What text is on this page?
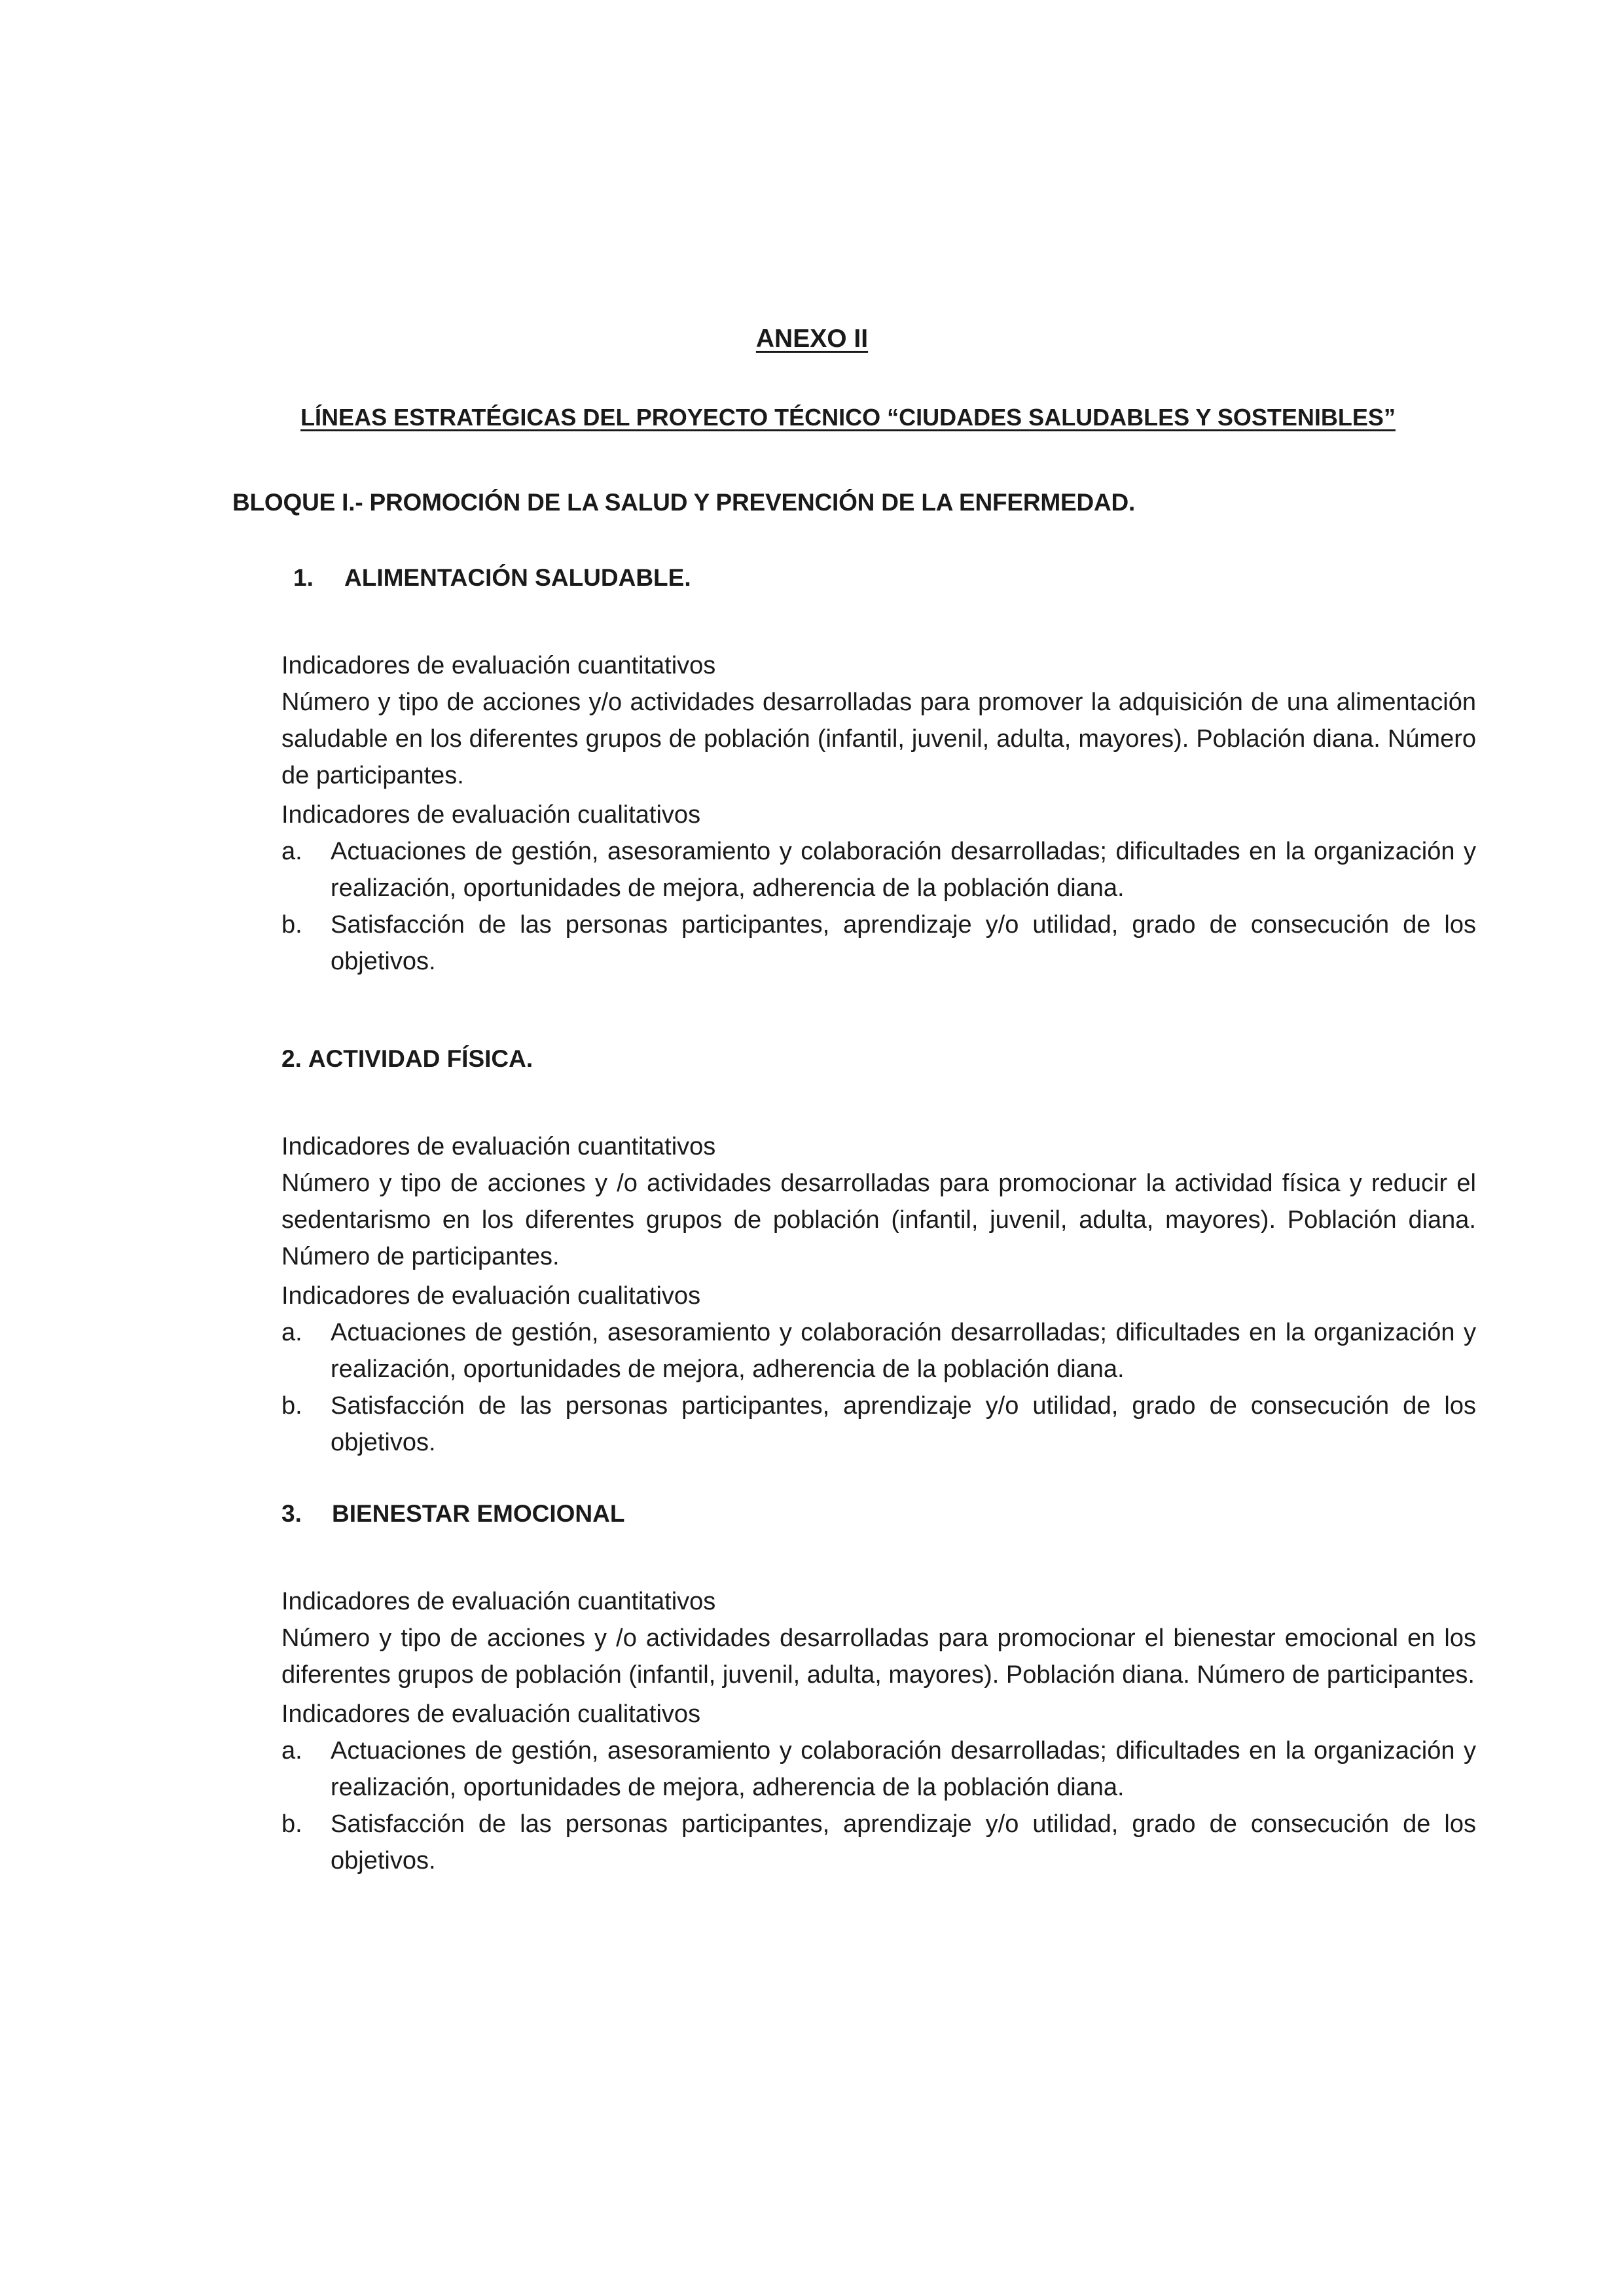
ANEXO II
LÍNEAS ESTRATÉGICAS DEL PROYECTO TÉCNICO “CIUDADES SALUDABLES Y SOSTENIBLES”
BLOQUE I.- PROMOCIÓN DE LA SALUD Y PREVENCIÓN DE LA ENFERMEDAD.

1. ALIMENTACIÓN SALUDABLE.

Indicadores de evaluación cuantitativos

Número y tipo de acciones y/o actividades desarrolladas para promover la adquisición de una alimentación saludable en los diferentes grupos de población (infantil, juvenil, adulta, mayores). Población diana. Número de participantes.

Indicadores de evaluación cualitativos

a. Actuaciones de gestión, asesoramiento y colaboración desarrolladas; dificultades en la organización y realización, oportunidades de mejora, adherencia de la población diana.
b. Satisfacción de las personas participantes, aprendizaje y/o utilidad, grado de consecución de los objetivos.

2. ACTIVIDAD FÍSICA.

Indicadores de evaluación cuantitativos

Número y tipo de acciones y /o actividades desarrolladas para promocionar la actividad física y reducir el sedentarismo en los diferentes grupos de población (infantil, juvenil, adulta, mayores). Población diana. Número de participantes.

Indicadores de evaluación cualitativos

a. Actuaciones de gestión, asesoramiento y colaboración desarrolladas; dificultades en la organización y realización, oportunidades de mejora, adherencia de la población diana.
b. Satisfacción de las personas participantes, aprendizaje y/o utilidad, grado de consecución de los objetivos.

3. BIENESTAR EMOCIONAL

Indicadores de evaluación cuantitativos

Número y tipo de acciones y /o actividades desarrolladas para promocionar el bienestar emocional en los diferentes grupos de población (infantil, juvenil, adulta, mayores). Población diana. Número de participantes.

Indicadores de evaluación cualitativos

a. Actuaciones de gestión, asesoramiento y colaboración desarrolladas; dificultades en la organización y realización, oportunidades de mejora, adherencia de la población diana.
b. Satisfacción de las personas participantes, aprendizaje y/o utilidad, grado de consecución de los objetivos.
